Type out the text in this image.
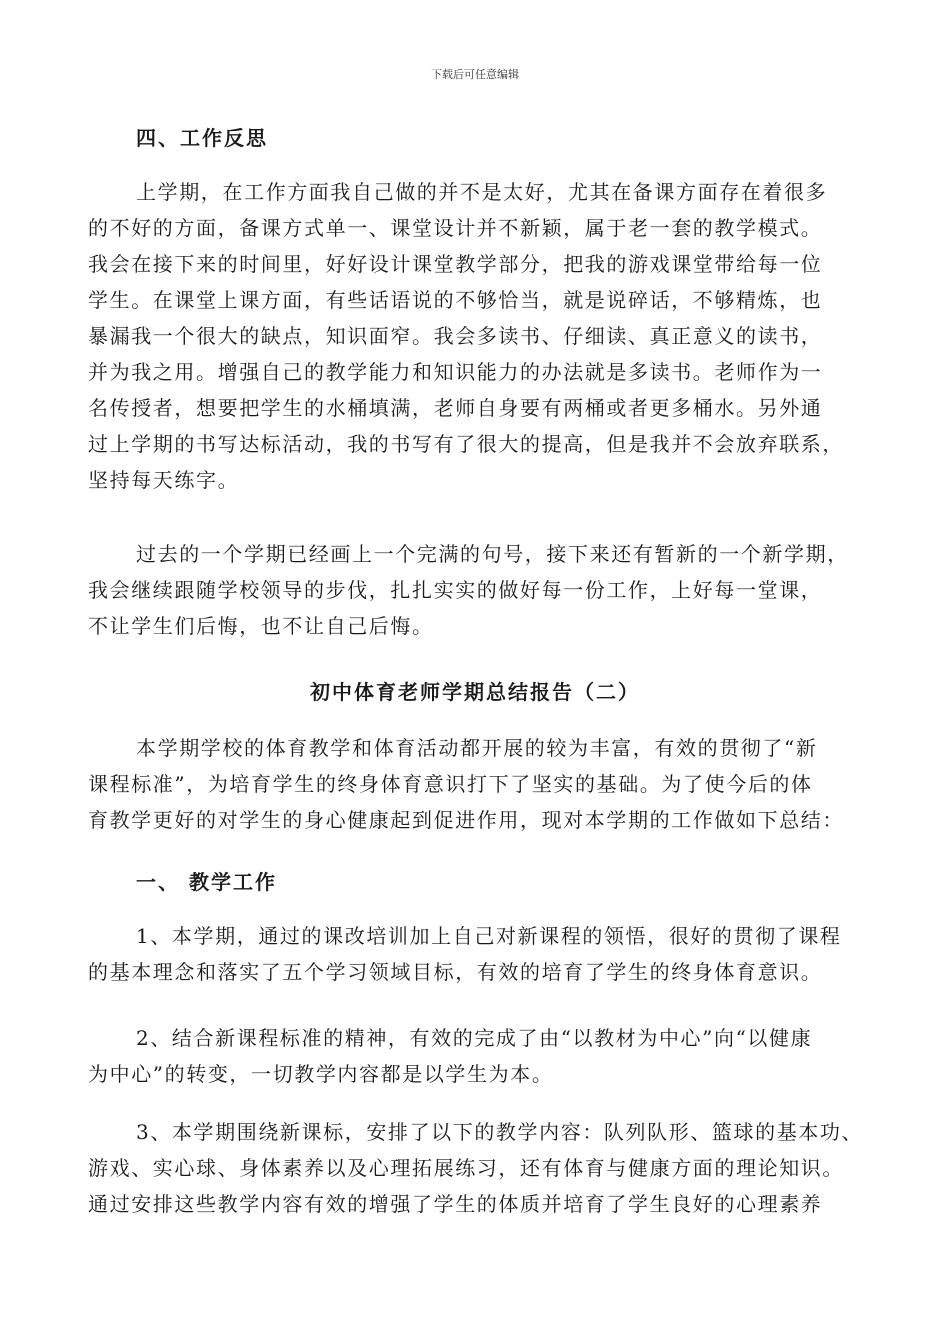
下载后可任意编辑
四、工作反思
上学期，在工作方面我自己做的并不是太好，尤其在备课方面存在着很多
的不好的方面，备课方式单一、课堂设计并不新颖，属于老一套的教学模式。
我会在接下来的时间里，好好设计课堂教学部分，把我的游戏课堂带给每一位
学生。在课堂上课方面，有些话语说的不够恰当，就是说碎话，不够精炼，也
暴漏我一个很大的缺点，知识面窄。我会多读书、仔细读、真正意义的读书，
并为我之用。增强自己的教学能力和知识能力的办法就是多读书。老师作为一
名传授者，想要把学生的水桶填满，老师自身要有两桶或者更多桶水。另外通
过上学期的书写达标活动，我的书写有了很大的提高，但是我并不会放弃联系，
坚持每天练字。
过去的一个学期已经画上一个完满的句号，接下来还有暂新的一个新学期，
我会继续跟随学校领导的步伐，扎扎实实的做好每一份工作，上好每一堂课，
不让学生们后悔，也不让自己后悔。
初中体育老师学期总结报告（二）
本学期学校的体育教学和体育活动都开展的较为丰富，有效的贯彻了“新
课程标准”，为培育学生的终身体育意识打下了坚实的基础。为了使今后的体
育教学更好的对学生的身心健康起到促进作用，现对本学期的工作做如下总结：
一、 教学工作
1、本学期，通过的课改培训加上自己对新课程的领悟，很好的贯彻了课程
的基本理念和落实了五个学习领域目标，有效的培育了学生的终身体育意识。
2、结合新课程标准的精神，有效的完成了由“以教材为中心”向“以健康
为中心”的转变，一切教学内容都是以学生为本。
3、本学期围绕新课标，安排了以下的教学内容：队列队形、篮球的基本功、
游戏、实心球、身体素养以及心理拓展练习，还有体育与健康方面的理论知识。
通过安排这些教学内容有效的增强了学生的体质并培育了学生良好的心理素养
